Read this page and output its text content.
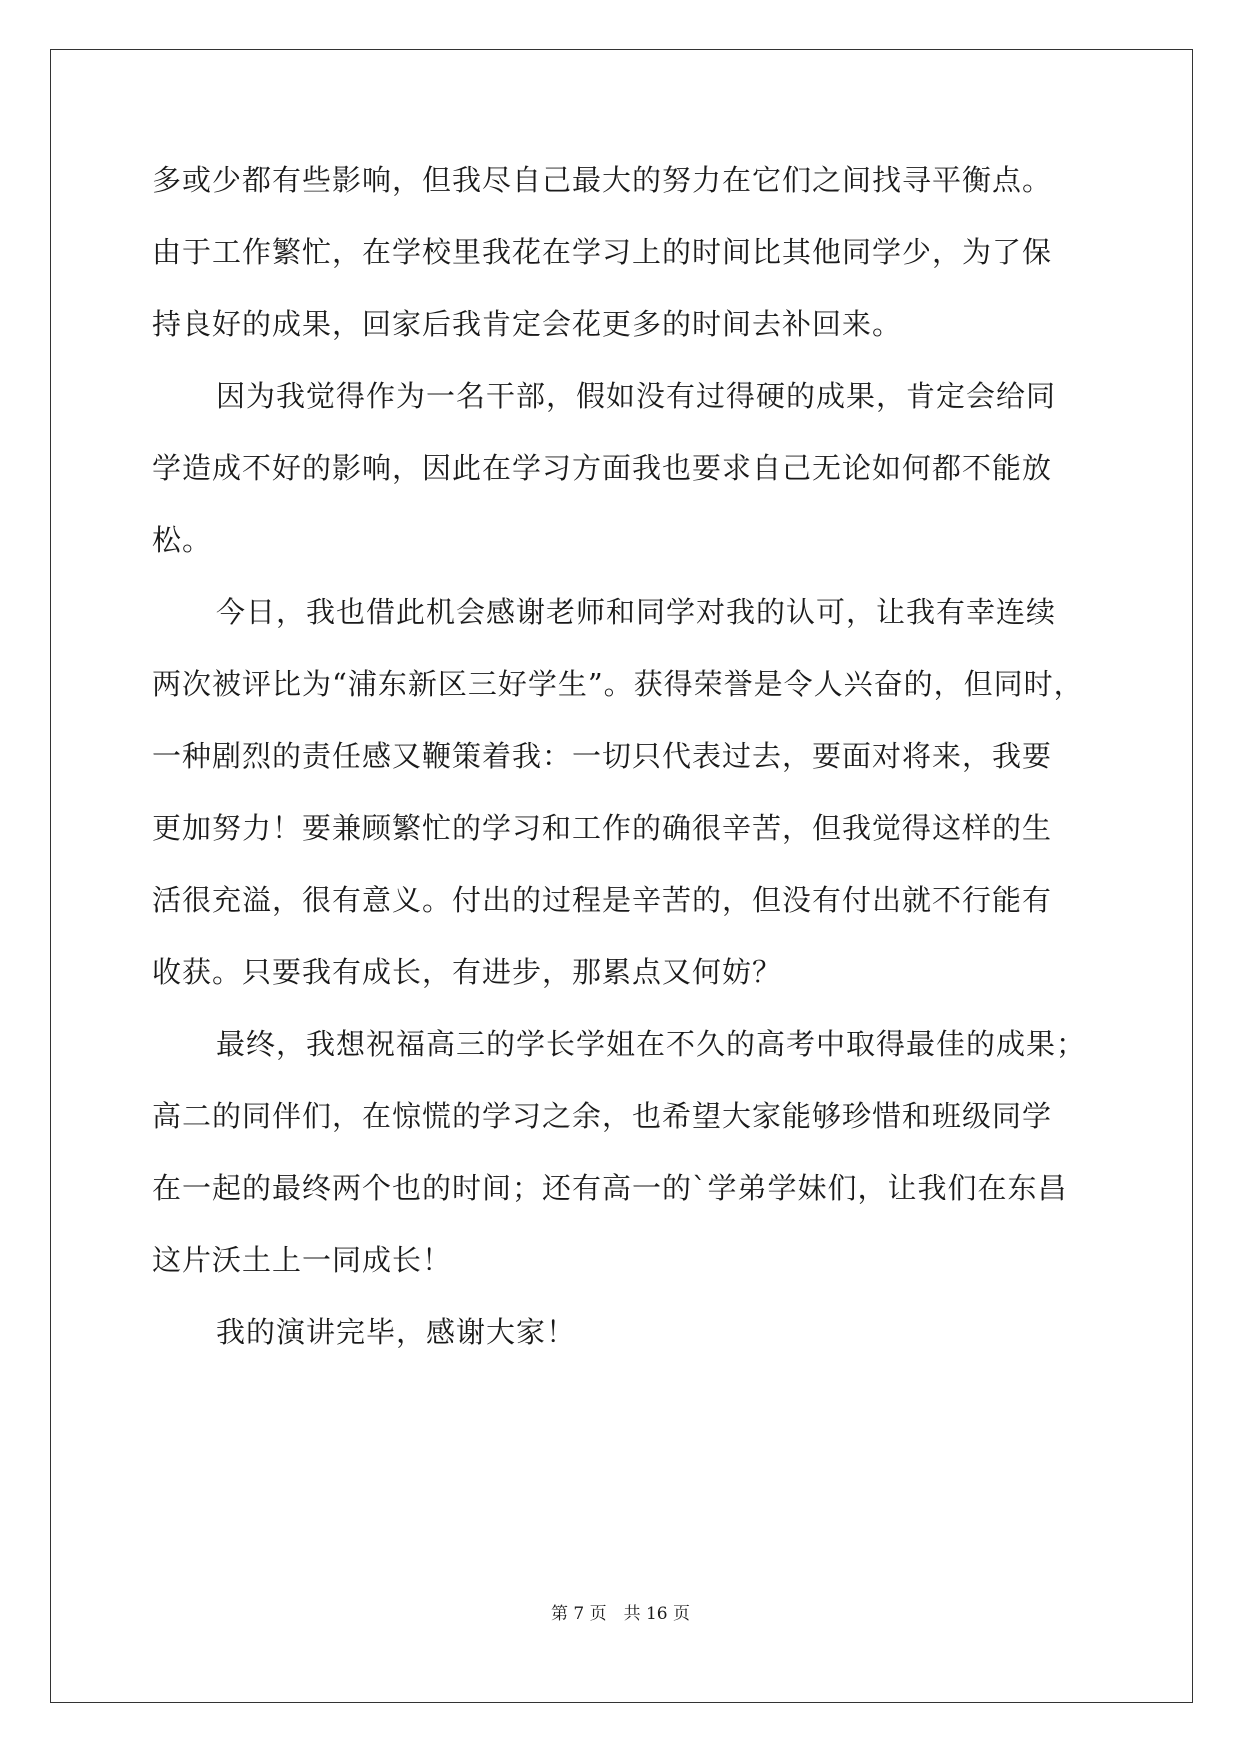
多或少都有些影响，但我尽自己最大的努力在它们之间找寻平衡点。
由于工作繁忙，在学校里我花在学习上的时间比其他同学少，为了保
持良好的成果，回家后我肯定会花更多的时间去补回来。
因为我觉得作为一名干部，假如没有过得硬的成果，肯定会给同
学造成不好的影响，因此在学习方面我也要求自己无论如何都不能放
松。
今日，我也借此机会感谢老师和同学对我的认可，让我有幸连续
两次被评比为“浦东新区三好学生”。获得荣誉是令人兴奋的，但同时，
一种剧烈的责任感又鞭策着我：一切只代表过去，要面对将来，我要
更加努力！要兼顾繁忙的学习和工作的确很辛苦，但我觉得这样的生
活很充溢，很有意义。付出的过程是辛苦的，但没有付出就不行能有
收获。只要我有成长，有进步，那累点又何妨？
最终，我想祝福高三的学长学姐在不久的高考中取得最佳的成果；
高二的同伴们，在惊慌的学习之余，也希望大家能够珍惜和班级同学
在一起的最终两个也的时间；还有高一的`学弟学妹们，让我们在东昌
这片沃土上一同成长！
我的演讲完毕，感谢大家！
第 7 页　共 16 页
